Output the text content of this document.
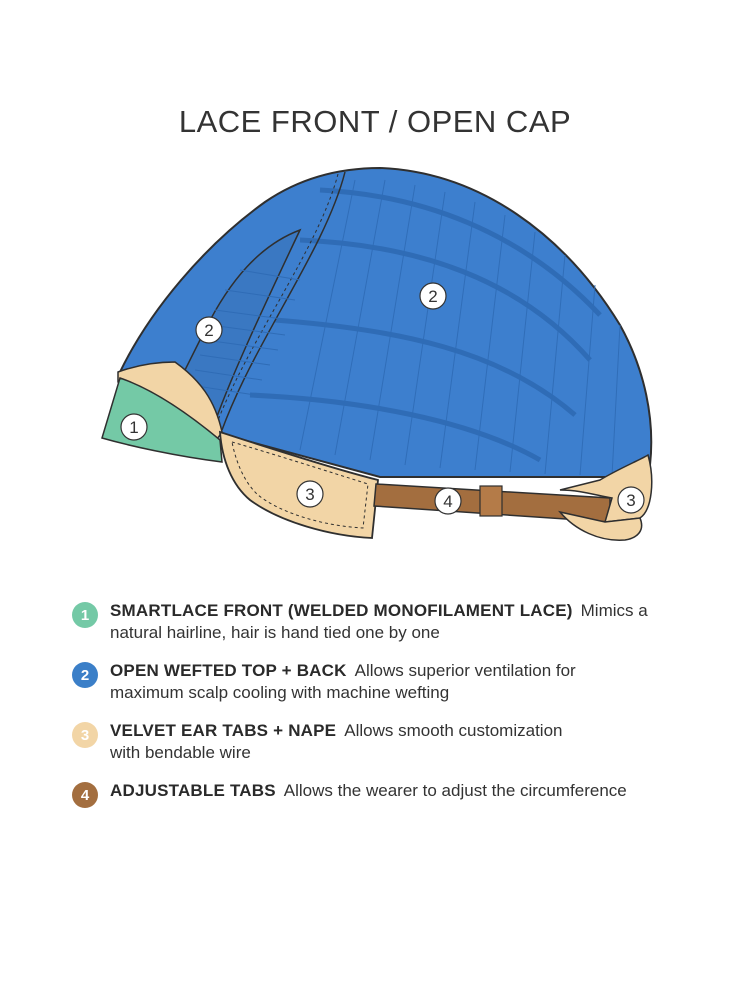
LACE FRONT / OPEN CAP
1
2
2
3	4	3
1	SMARTLACE FRONT (WELDED MONOFILAMENT LACE) Mimics a
natural hairline, hair is hand tied one by one
2	OPEN WEFTED TOP + BACK Allows superior ventilation for
maximum scalp cooling with machine wefting
3	VELVET EAR TABS + NAPE Allows smooth customization
with bendable wire
4	ADJUSTABLE TABS Allows the wearer to adjust the circumference
